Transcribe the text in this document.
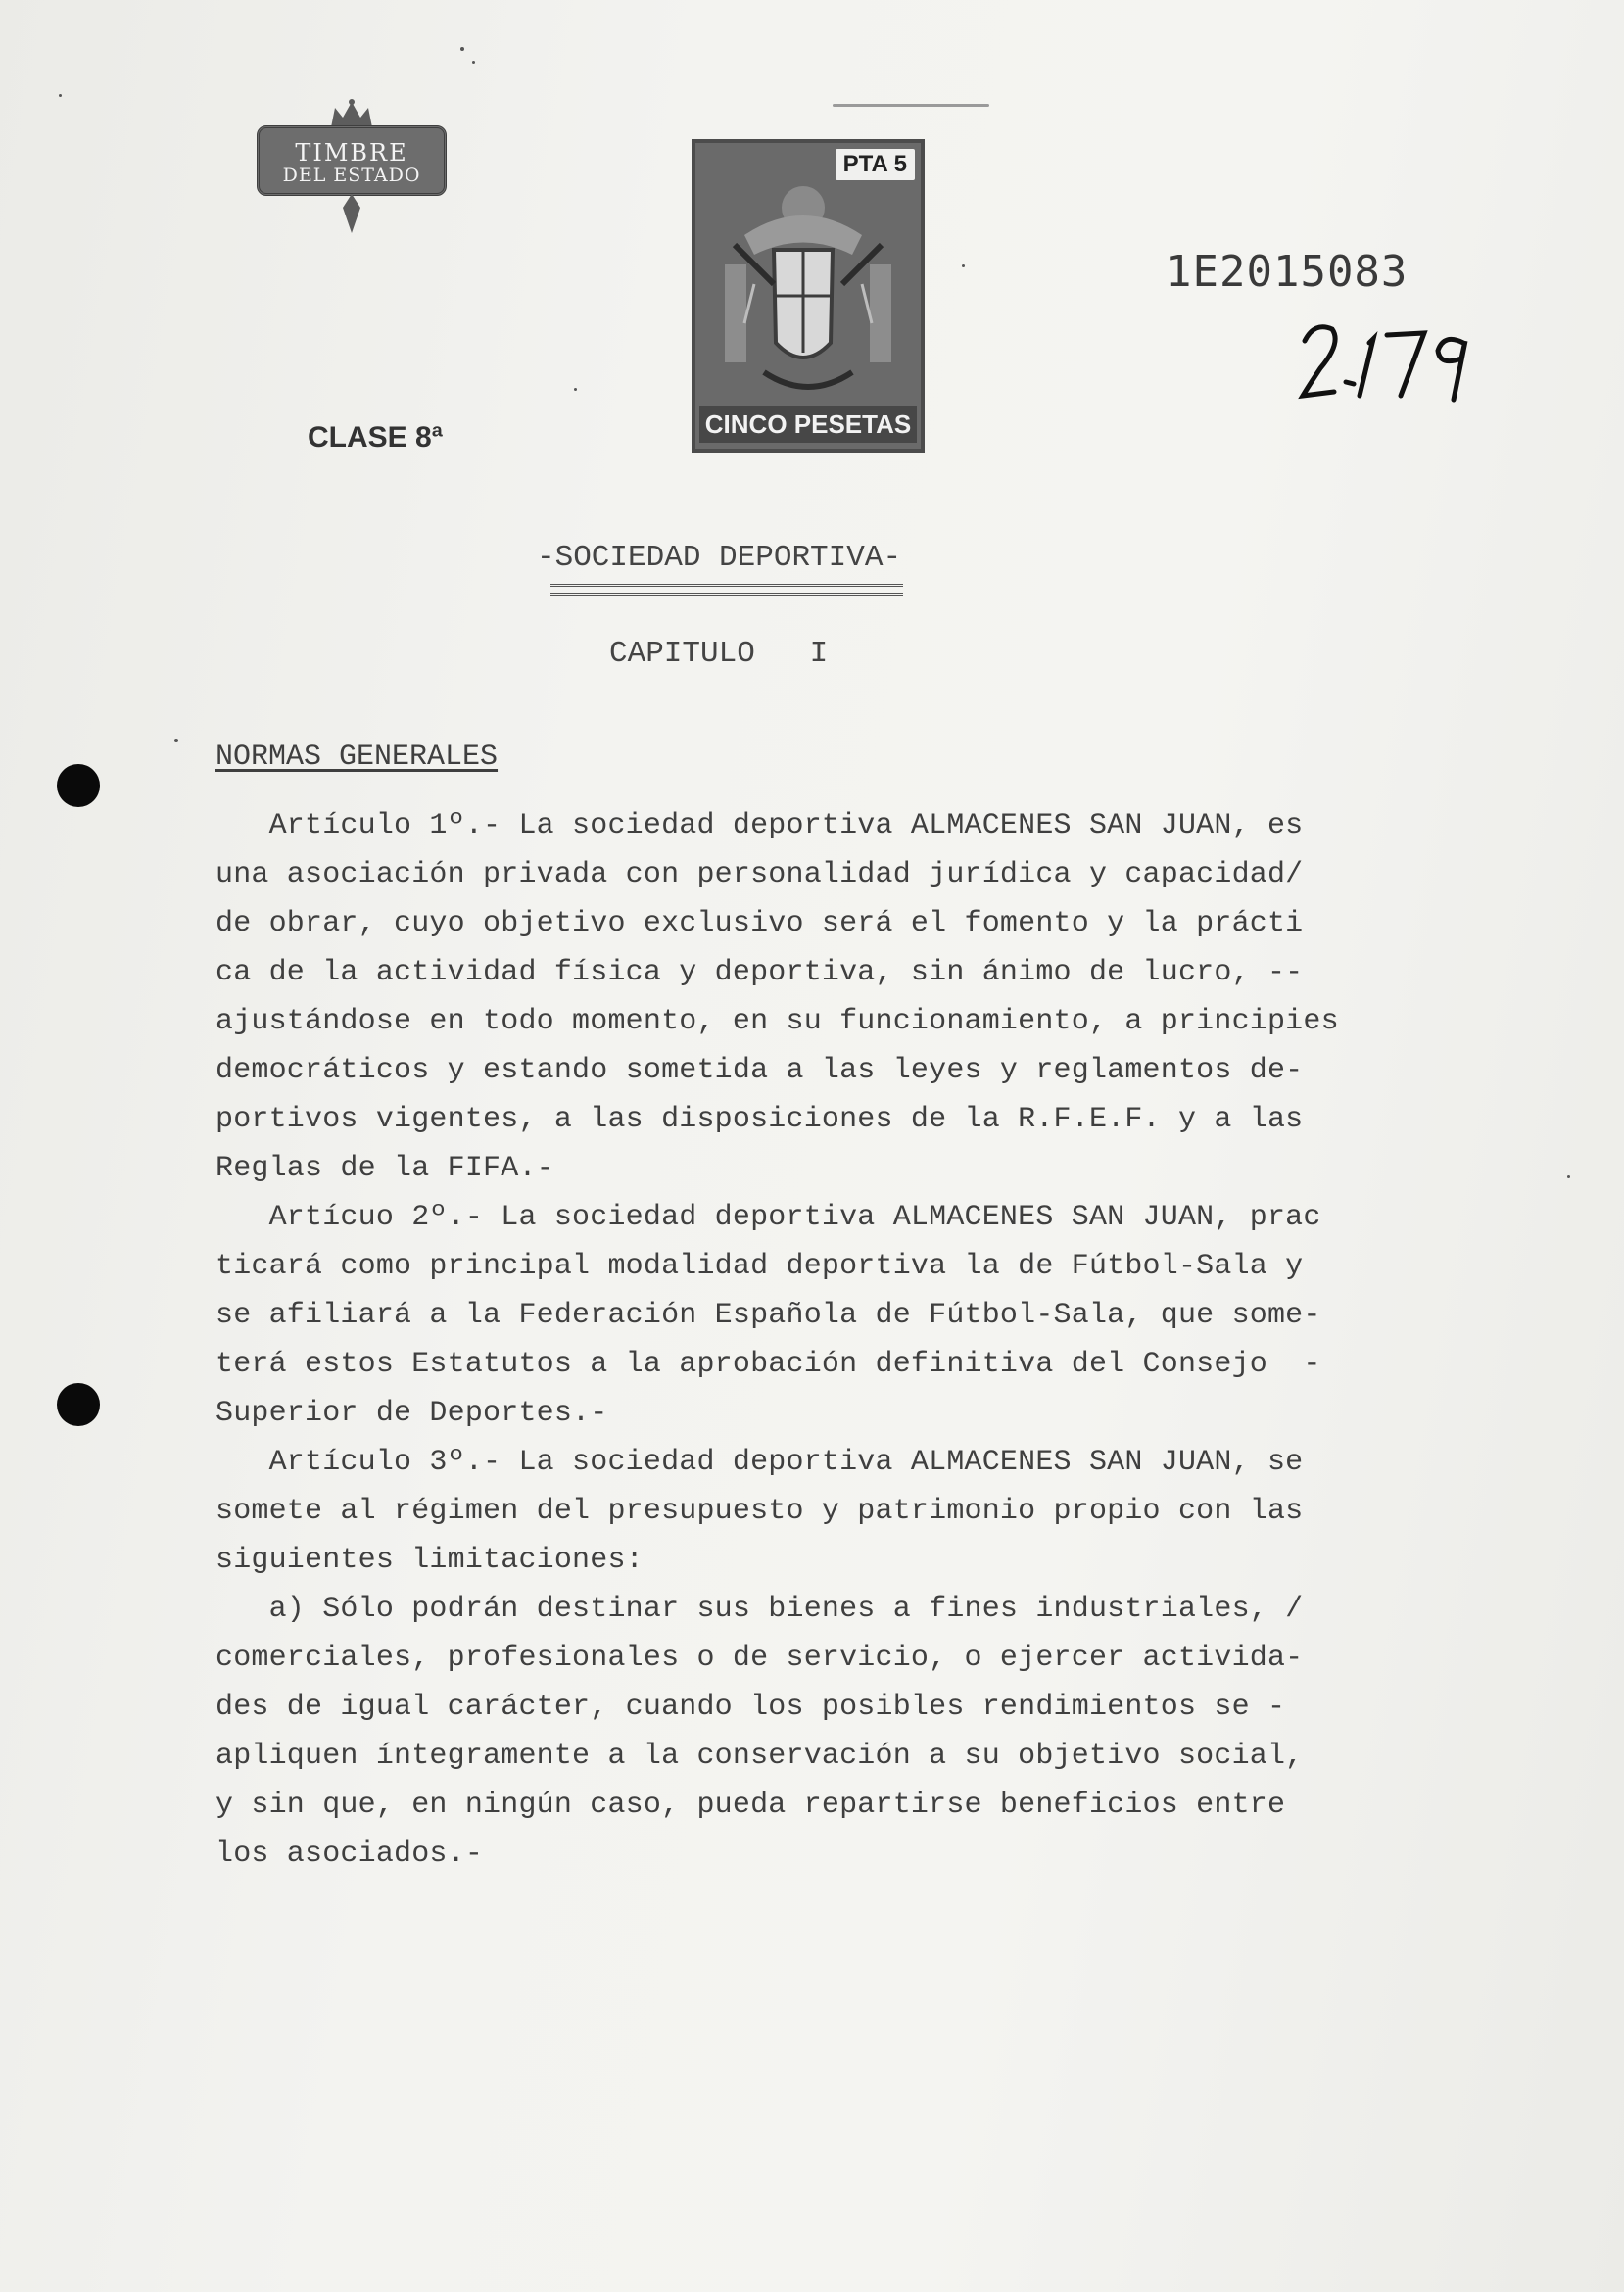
TIMBRE
DEL ESTADO
CLASE 8ª
PTA 5
CINCO PESETAS
1E2015083
-SOCIEDAD DEPORTIVA-
CAPITULO   I
NORMAS GENERALES
Artículo 1º.- La sociedad deportiva ALMACENES SAN JUAN, es
una asociación privada con personalidad jurídica y capacidad/
de obrar, cuyo objetivo exclusivo será el fomento y la prácti
ca de la actividad física y deportiva, sin ánimo de lucro, --
ajustándose en todo momento, en su funcionamiento, a principies
democráticos y estando sometida a las leyes y reglamentos de-
portivos vigentes, a las disposiciones de la R.F.E.F. y a las
Reglas de la FIFA.-
Artícuo 2º.- La sociedad deportiva ALMACENES SAN JUAN, prac
ticará como principal modalidad deportiva la de Fútbol-Sala y
se afiliará a la Federación Española de Fútbol-Sala, que some-
terá estos Estatutos a la aprobación definitiva del Consejo  -
Superior de Deportes.-
Artículo 3º.- La sociedad deportiva ALMACENES SAN JUAN, se
somete al régimen del presupuesto y patrimonio propio con las
siguientes limitaciones:
a) Sólo podrán destinar sus bienes a fines industriales, /
comerciales, profesionales o de servicio, o ejercer activida-
des de igual carácter, cuando los posibles rendimientos se -
apliquen íntegramente a la conservación a su objetivo social,
y sin que, en ningún caso, pueda repartirse beneficios entre
los asociados.-
